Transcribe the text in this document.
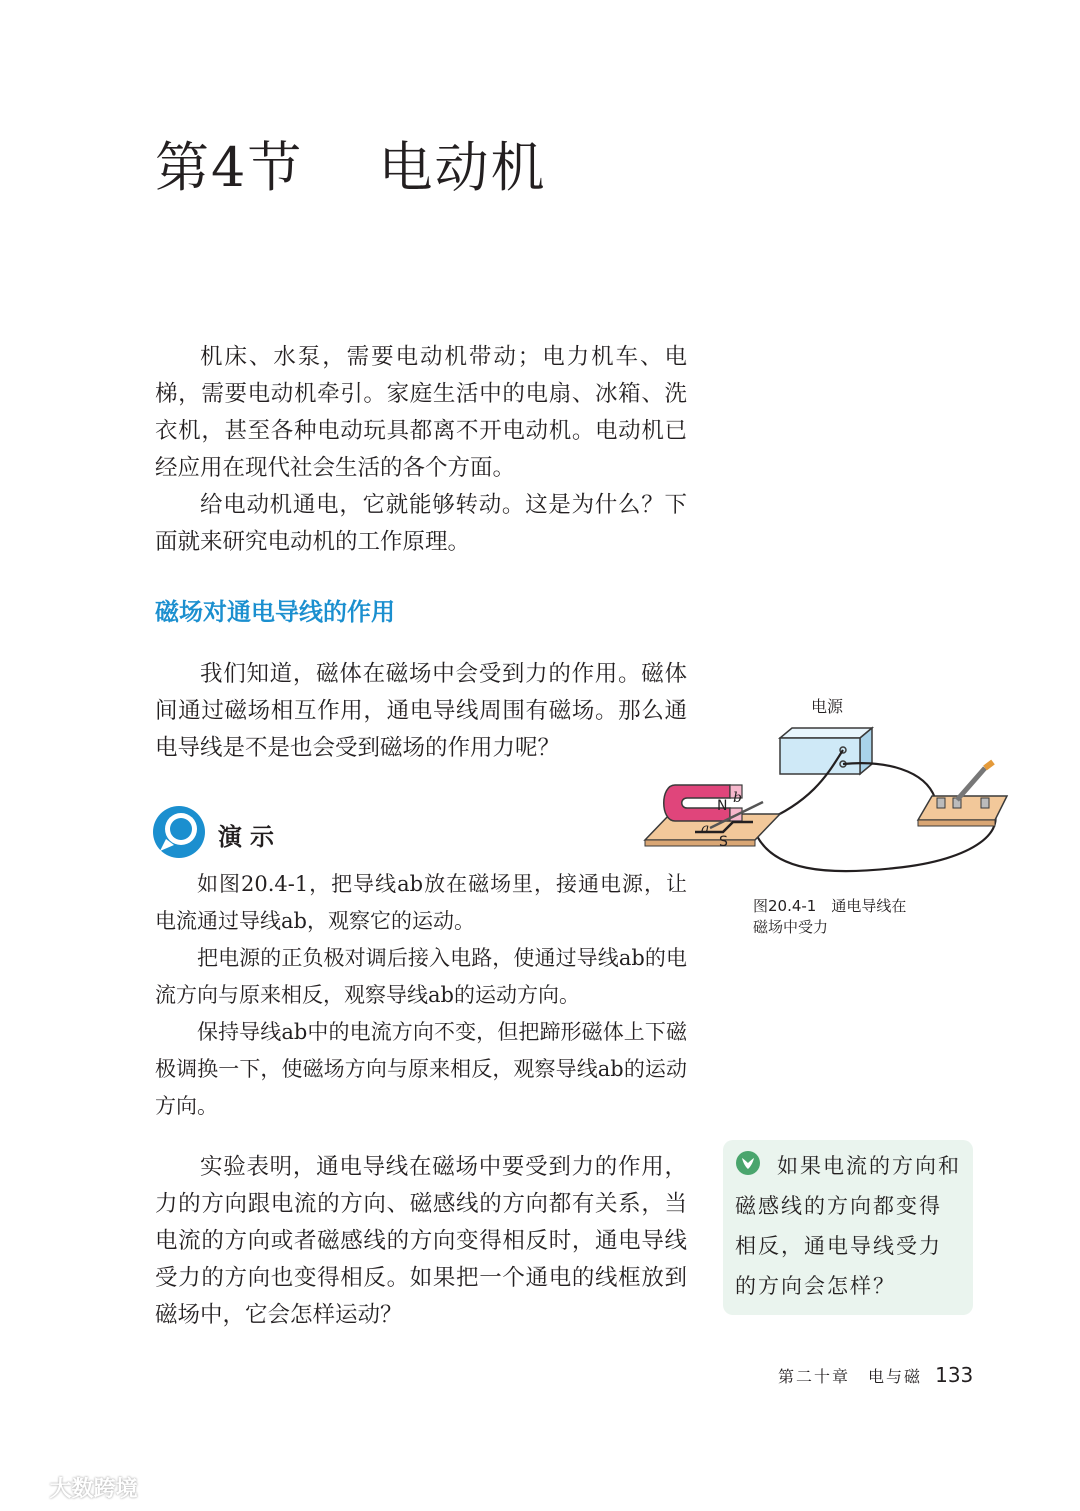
第4节　 电动机

机床、水泵，需要电动机带动；电力机车、电梯，需要电动机牵引。家庭生活中的电扇、冰箱、洗衣机，甚至各种电动玩具都离不开电动机。电动机已经应用在现代社会生活的各个方面。

给电动机通电，它就能够转动。这是为什么？下面就来研究电动机的工作原理。

磁场对通电导线的作用

我们知道，磁体在磁场中会受到力的作用。磁体间通过磁场相互作用，通电导线周围有磁场。那么通电导线是不是也会受到磁场的作用力呢？

演示

如图20.4-1，把导线ab放在磁场里，接通电源，让电流通过导线ab，观察它的运动。

把电源的正负极对调后接入电路，使通过导线ab的电流方向与原来相反，观察导线ab的运动方向。

保持导线ab中的电流方向不变，但把蹄形磁体上下磁极调换一下，使磁场方向与原来相反，观察导线ab的运动方向。

电源
N
S
a
b
图20.4-1　通电导线在磁场中受力

实验表明，通电导线在磁场中要受到力的作用，力的方向跟电流的方向、磁感线的方向都有关系，当电流的方向或者磁感线的方向变得相反时，通电导线受力的方向也变得相反。如果把一个通电的线框放到磁场中，它会怎样运动？

如果电流的方向和磁感线的方向都变得相反，通电导线受力的方向会怎样？
第二十章　电与磁 133
大数跨境
